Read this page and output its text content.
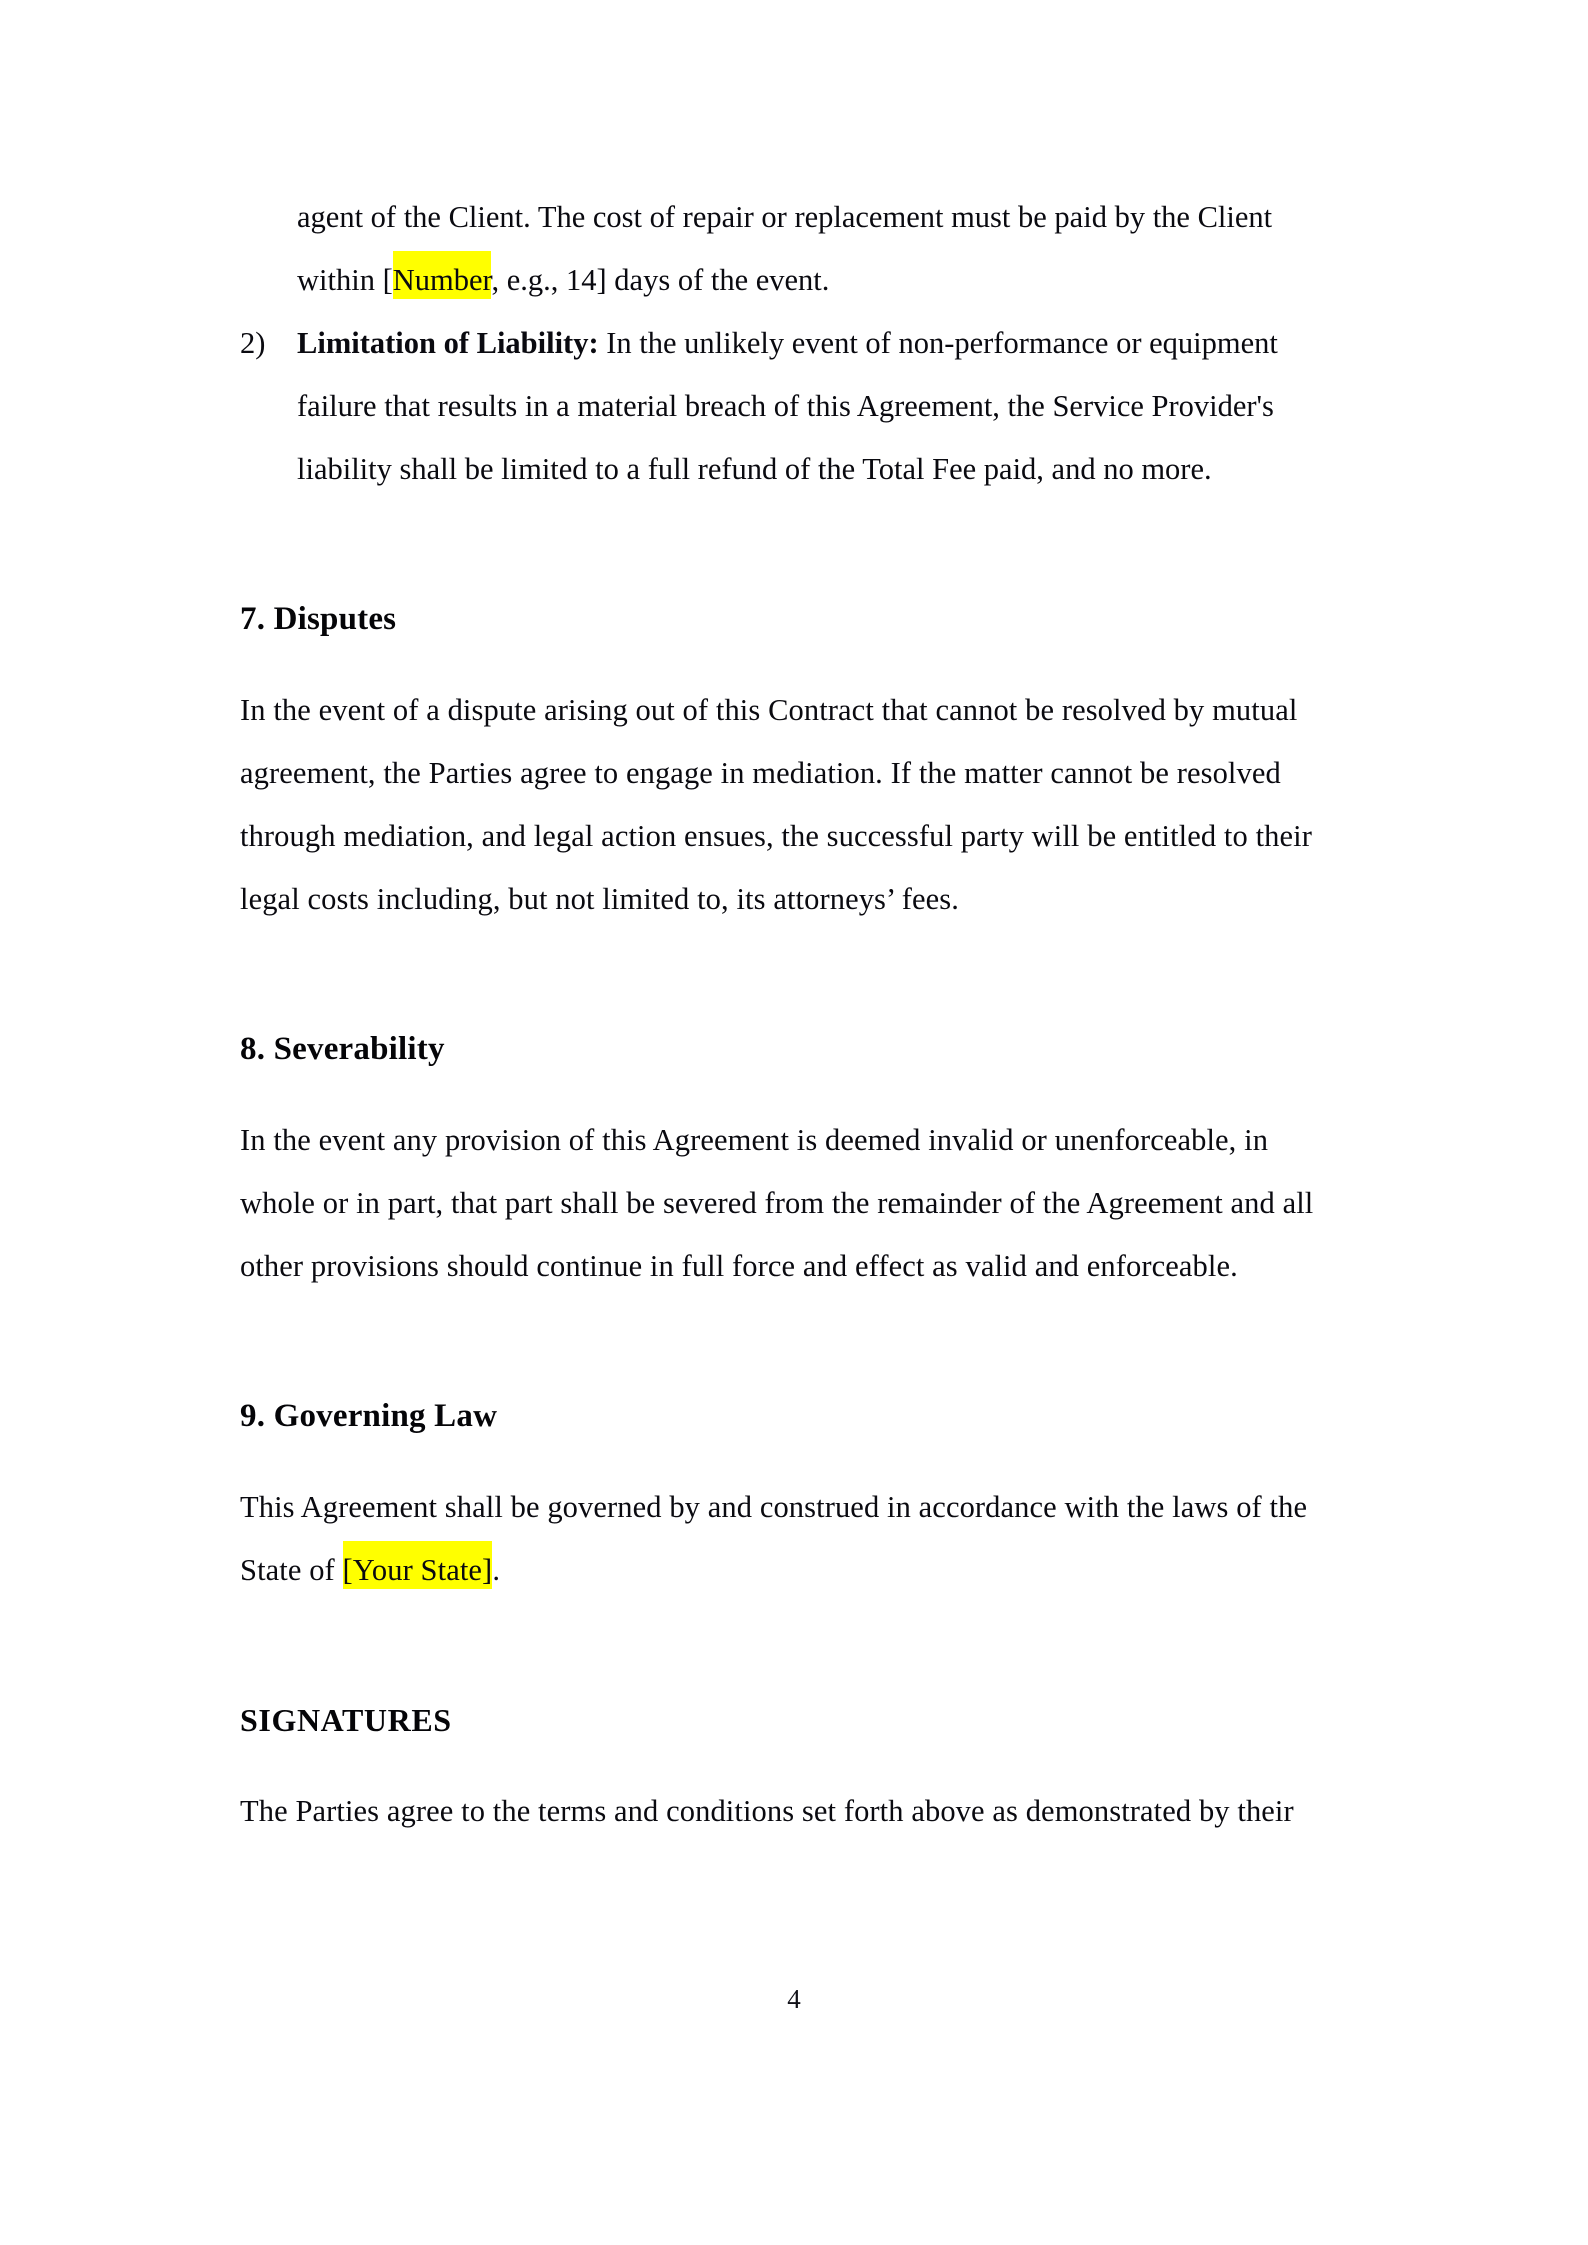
agent of the Client. The cost of repair or replacement must be paid by the Client within [Number, e.g., 14] days of the event.
2)	Limitation of Liability: In the unlikely event of non-performance or equipment failure that results in a material breach of this Agreement, the Service Provider's liability shall be limited to a full refund of the Total Fee paid, and no more.
7. Disputes

In the event of a dispute arising out of this Contract that cannot be resolved by mutual agreement, the Parties agree to engage in mediation. If the matter cannot be resolved through mediation, and legal action ensues, the successful party will be entitled to their legal costs including, but not limited to, its attorneys’ fees.

8. Severability

In the event any provision of this Agreement is deemed invalid or unenforceable, in whole or in part, that part shall be severed from the remainder of the Agreement and all other provisions should continue in full force and effect as valid and enforceable.

9. Governing Law

This Agreement shall be governed by and construed in accordance with the laws of the State of [Your State].

SIGNATURES

The Parties agree to the terms and conditions set forth above as demonstrated by their

4
